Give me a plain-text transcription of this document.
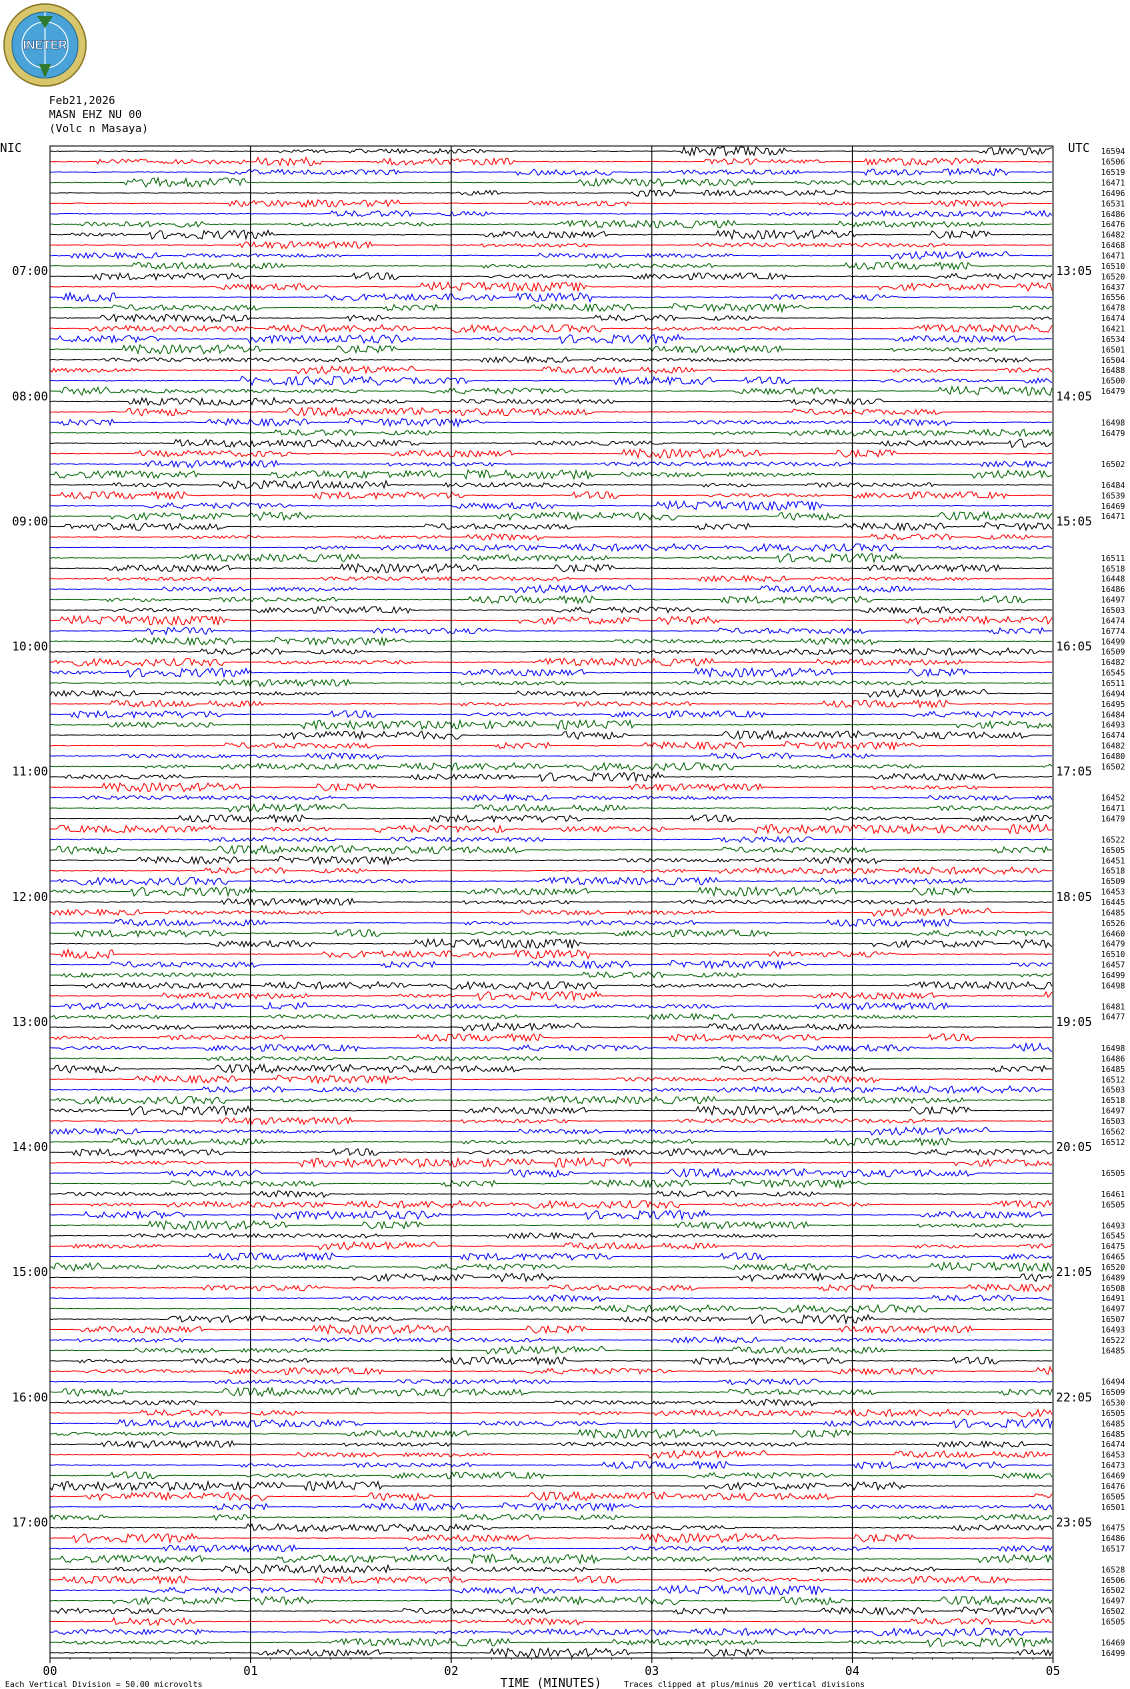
INETER
Feb21,2026
MASN EHZ NU 00
(Volc n Masaya)
00	01	02	03	04	05
NIC	UTC
07:00
08:00
09:00
10:00
11:00
12:00
13:00
14:00
15:00
16:00
17:00
13:05
14:05
15:05
16:05
17:05
18:05
19:05
20:05
21:05
22:05
23:05
16594
16506
16519
16471
16496
16531
16486
16476
16482
16468
16471
16510
16520
16437
16556
16478
16474
16421
16534
16501
16504
16488
16500
16479
16498
16479
16502
16484
16539
16469
16471
16511
16518
16448
16486
16497
16503
16474
16774
16499
16509
16482
16545
16511
16494
16495
16484
16493
16474
16482
16480
16502
16452
16471
16479
16522
16505
16451
16518
16509
16453
16445
16485
16526
16460
16479
16510
16457
16499
16498
16481
16477
16498
16486
16485
16512
16503
16518
16497
16503
16562
16512
16505
16461
16505
16493
16545
16475
16465
16520
16489
16508
16491
16497
16507
16493
16522
16485
16494
16509
16530
16505
16485
16485
16474
16453
16473
16469
16476
16505
16501
16475
16486
16517
16528
16506
16502
16497
16502
16505
16469
16499
TIME (MINUTES)
Each Vertical Division = 50.00 microvolts	Traces clipped at plus/minus 20 vertical divisions
